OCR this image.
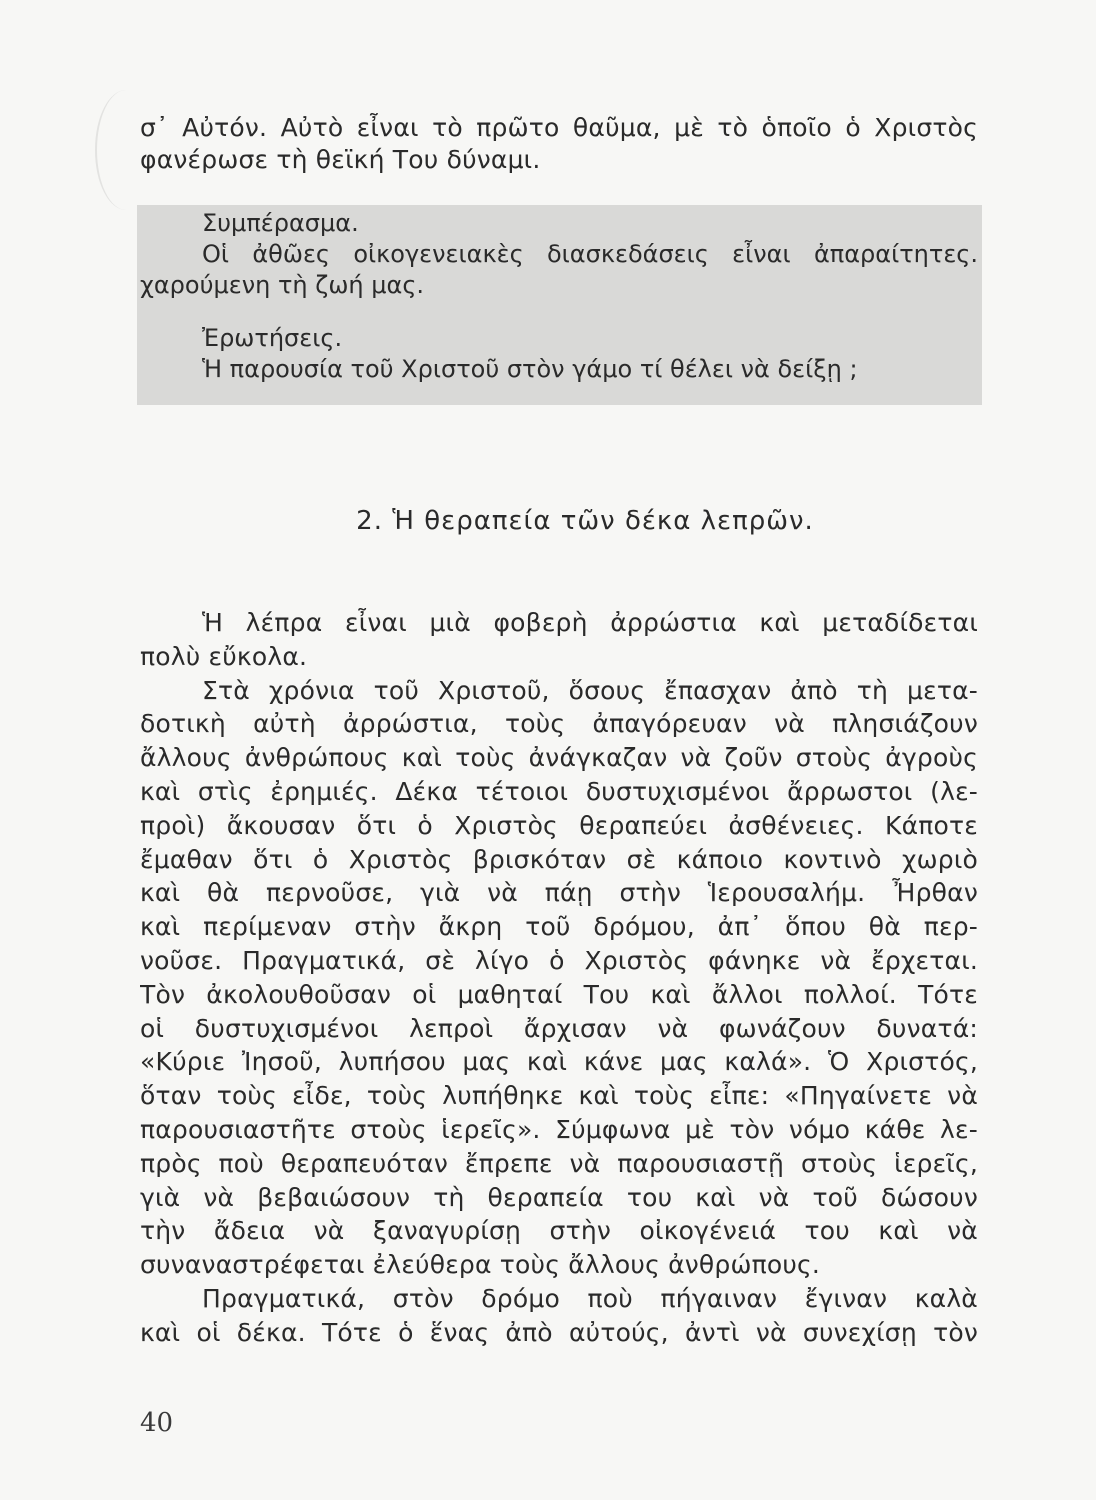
σ᾽ Αὐτόν. Αὐτὸ εἶναι τὸ πρῶτο θαῦμα, μὲ τὸ ὁποῖο ὁ Χριστὸς
φανέρωσε τὴ θεϊκή Του δύναμι.
Συμπέρασμα.
Οἱ ἀθῶες οἰκογενειακὲς διασκεδάσεις εἶναι ἀπαραίτητες.
χαρούμενη τὴ ζωή μας.
Ἐρωτήσεις.
Ἡ παρουσία τοῦ Χριστοῦ στὸν γάμο τί θέλει νὰ δείξῃ ;
2. Ἡ θεραπεία τῶν δέκα λεπρῶν.
Ἡ λέπρα εἶναι μιὰ φοβερὴ ἀρρώστια καὶ μεταδίδεται
πολὺ εὔκολα.
Στὰ χρόνια τοῦ Χριστοῦ, ὅσους ἔπασχαν ἀπὸ τὴ μετα-
δοτικὴ αὐτὴ ἀρρώστια, τοὺς ἀπαγόρευαν νὰ πλησιάζουν
ἄλλους ἀνθρώπους καὶ τοὺς ἀνάγκαζαν νὰ ζοῦν στοὺς ἀγροὺς
καὶ στὶς ἐρημιές. Δέκα τέτοιοι δυστυχισμένοι ἄρρωστοι (λε-
προὶ) ἄκουσαν ὅτι ὁ Χριστὸς θεραπεύει ἀσθένειες. Κάποτε
ἔμαθαν ὅτι ὁ Χριστὸς βρισκόταν σὲ κάποιο κοντινὸ χωριὸ
καὶ θὰ περνοῦσε, γιὰ νὰ πάῃ στὴν Ἱερουσαλήμ. Ἦρθαν
καὶ περίμεναν στὴν ἄκρη τοῦ δρόμου, ἀπ᾽ ὅπου θὰ περ-
νοῦσε. Πραγματικά, σὲ λίγο ὁ Χριστὸς φάνηκε νὰ ἔρχεται.
Τὸν ἀκολουθοῦσαν οἱ μαθηταί Του καὶ ἄλλοι πολλοί. Τότε
οἱ δυστυχισμένοι λεπροὶ ἄρχισαν νὰ φωνάζουν δυνατά:
«Κύριε Ἰησοῦ, λυπήσου μας καὶ κάνε μας καλά». Ὁ Χριστός,
ὅταν τοὺς εἶδε, τοὺς λυπήθηκε καὶ τοὺς εἶπε: «Πηγαίνετε νὰ
παρουσιαστῆτε στοὺς ἱερεῖς». Σύμφωνα μὲ τὸν νόμο κάθε λε-
πρὸς ποὺ θεραπευόταν ἔπρεπε νὰ παρουσιαστῇ στοὺς ἱερεῖς,
γιὰ νὰ βεβαιώσουν τὴ θεραπεία του καὶ νὰ τοῦ δώσουν
τὴν ἄδεια νὰ ξαναγυρίσῃ στὴν οἰκογένειά του καὶ νὰ
συναναστρέφεται ἐλεύθερα τοὺς ἄλλους ἀνθρώπους.
Πραγματικά, στὸν δρόμο ποὺ πήγαιναν ἔγιναν καλὰ
καὶ οἱ δέκα. Τότε ὁ ἕνας ἀπὸ αὐτούς, ἀντὶ νὰ συνεχίσῃ τὸν
40
